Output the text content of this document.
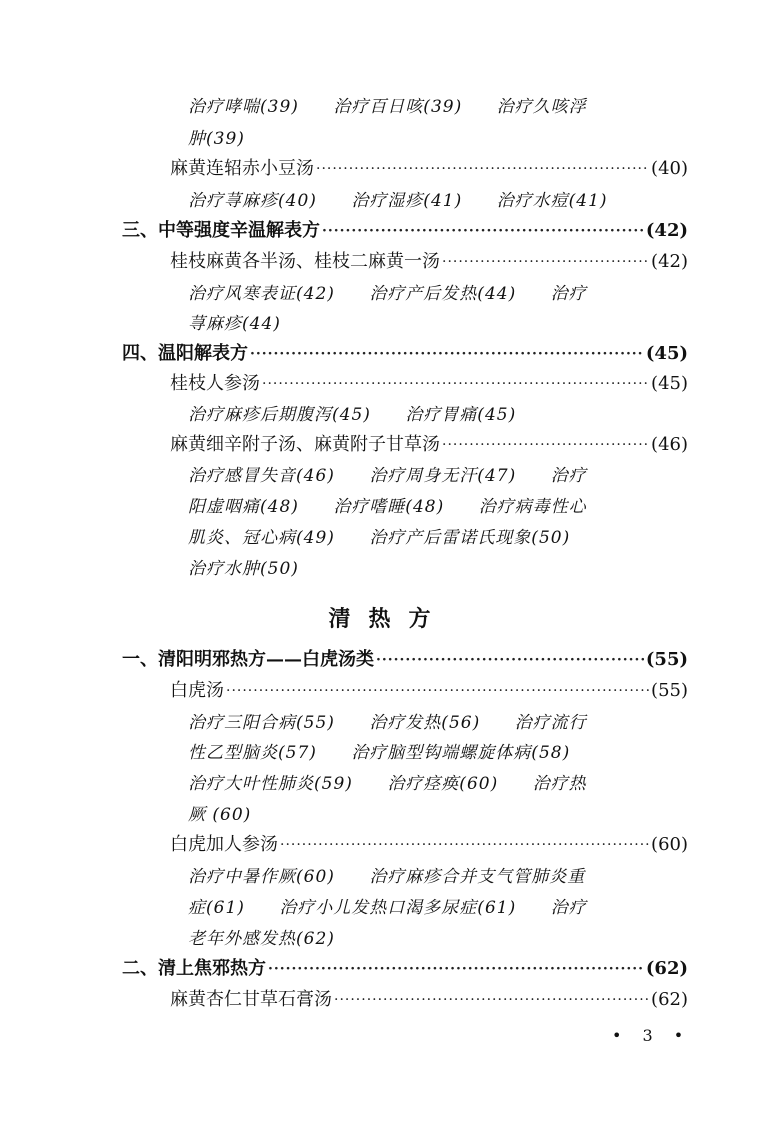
治疗哮喘(39) 治疗百日咳(39) 治疗久咳浮
肿(39)
麻黄连轺赤小豆汤 ·····	(40)
治疗荨麻疹(40) 治疗湿疹(41) 治疗水痘(41)
三、 中等强度辛温解表方 ·····	(42)
桂枝麻黄各半汤、桂枝二麻黄一汤 ·····	(42)
治疗风寒表证(42) 治疗产后发热(44) 治疗
荨麻疹(44)
四、 温阳解表方 ·····	(45)
桂枝人参汤 ·····	(45)
治疗麻疹后期腹泻(45) 治疗胃痛(45)
麻黄细辛附子汤、麻黄附子甘草汤 ·····	(46)
治疗感冒失音(46) 治疗周身无汗(47) 治疗
阳虚咽痛(48) 治疗嗜睡(48) 治疗病毒性心
肌炎、冠心病(49) 治疗产后雷诺氏现象(50)
治疗水肿(50)
清热方
一、 清阳明邪热方——白虎汤类 ·····	(55)
白虎汤 ·····	(55)
治疗三阳合病(55) 治疗发热(56) 治疗流行
性乙型脑炎(57) 治疗脑型钩端螺旋体病(58)
治疗大叶性肺炎(59) 治疗痉痪(60) 治疗热
厥 (60)
白虎加人参汤 ·····	(60)
治疗中暑作厥(60) 治疗麻疹合并支气管肺炎重
症(61) 治疗小儿发热口渴多尿症(61) 治疗
老年外感发热(62)
二、 清上焦邪热方 ·····	(62)
麻黄杏仁甘草石膏汤 ·····	(62)
• 3 •
